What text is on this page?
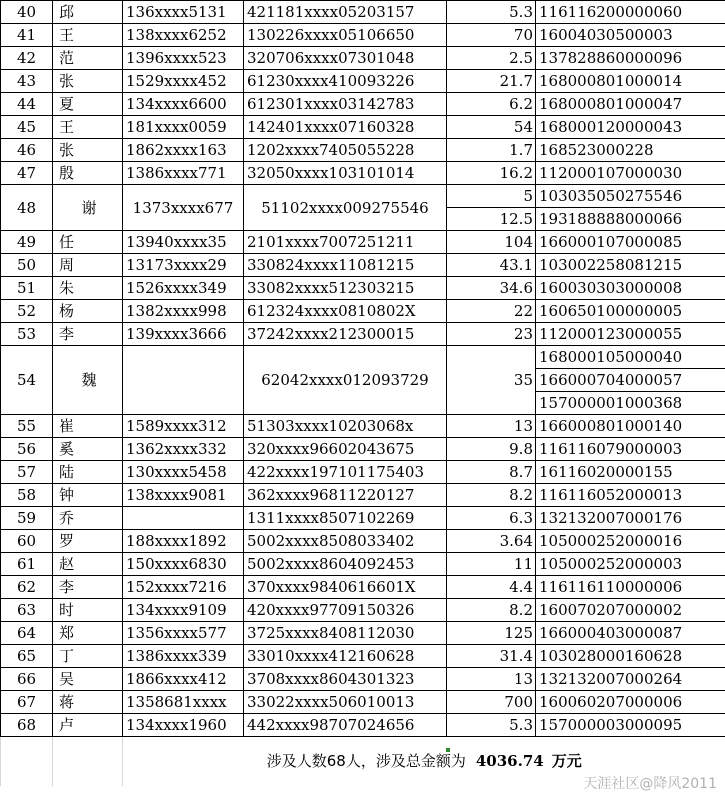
40	邱	136xxxx5131	421181xxxx05203157	5.3	116116200000060
41	王	138xxxx6252	130226xxxx05106650	70	16004030500003
42	范	1396xxxx523	320706xxxx07301048	2.5	137828860000096
43	张	1529xxxx452	61230xxxx410093226	21.7	168000801000014
44	夏	134xxxx6600	612301xxxx03142783	6.2	168000801000047
45	王	181xxxx0059	142401xxxx07160328	54	168000120000043
46	张	1862xxxx163	1202xxxx7405055228	1.7	168523000228
47	殷	1386xxxx771	32050xxxx103101014	16.2	112000107000030
48	谢	1373xxxx677	51102xxxx009275546	5	103035050275546
				12.5	193188888000066
49	任	13940xxxx35	2101xxxx7007251211	104	166000107000085
50	周	13173xxxx29	330824xxxx11081215	43.1	103002258081215
51	朱	1526xxxx349	33082xxxx512303215	34.6	160030303000008
52	杨	1382xxxx998	612324xxxx0810802X	22	160650100000005
53	李	139xxxx3666	37242xxxx212300015	23	112000123000055
54	魏		62042xxxx012093729	35	168000105000040
					166000704000057
					157000001000368
55	崔	1589xxxx312	51303xxxx10203068x	13	166000801000140
56	奚	1362xxxx332	320xxxx96602043675	9.8	116116079000003
57	陆	130xxxx5458	422xxxx197101175403	8.7	16116020000155
58	钟	138xxxx9081	362xxxx96811220127	8.2	116116052000013
59	乔		1311xxxx8507102269	6.3	132132007000176
60	罗	188xxxx1892	5002xxxx8508033402	3.64	105000252000016
61	赵	150xxxx6830	5002xxxx8604092453	11	105000252000003
62	李	152xxxx7216	370xxxx9840616601X	4.4	116116110000006
63	时	134xxxx9109	420xxxx97709150326	8.2	160070207000002
64	郑	1356xxxx577	3725xxxx8408112030	125	166000403000087
65	丁	1386xxxx339	33010xxxx412160628	31.4	103028000160628
66	吴	1866xxxx412	3708xxxx8604301323	13	132132007000264
67	蒋	1358681xxxx	33022xxxx506010013	700	160060207000006
68	卢	134xxxx1960	442xxxx98707024656	5.3	157000003000095
		涉及人数68人，涉及总金额为 4036.74 万元			
天涯社区@降风2011
